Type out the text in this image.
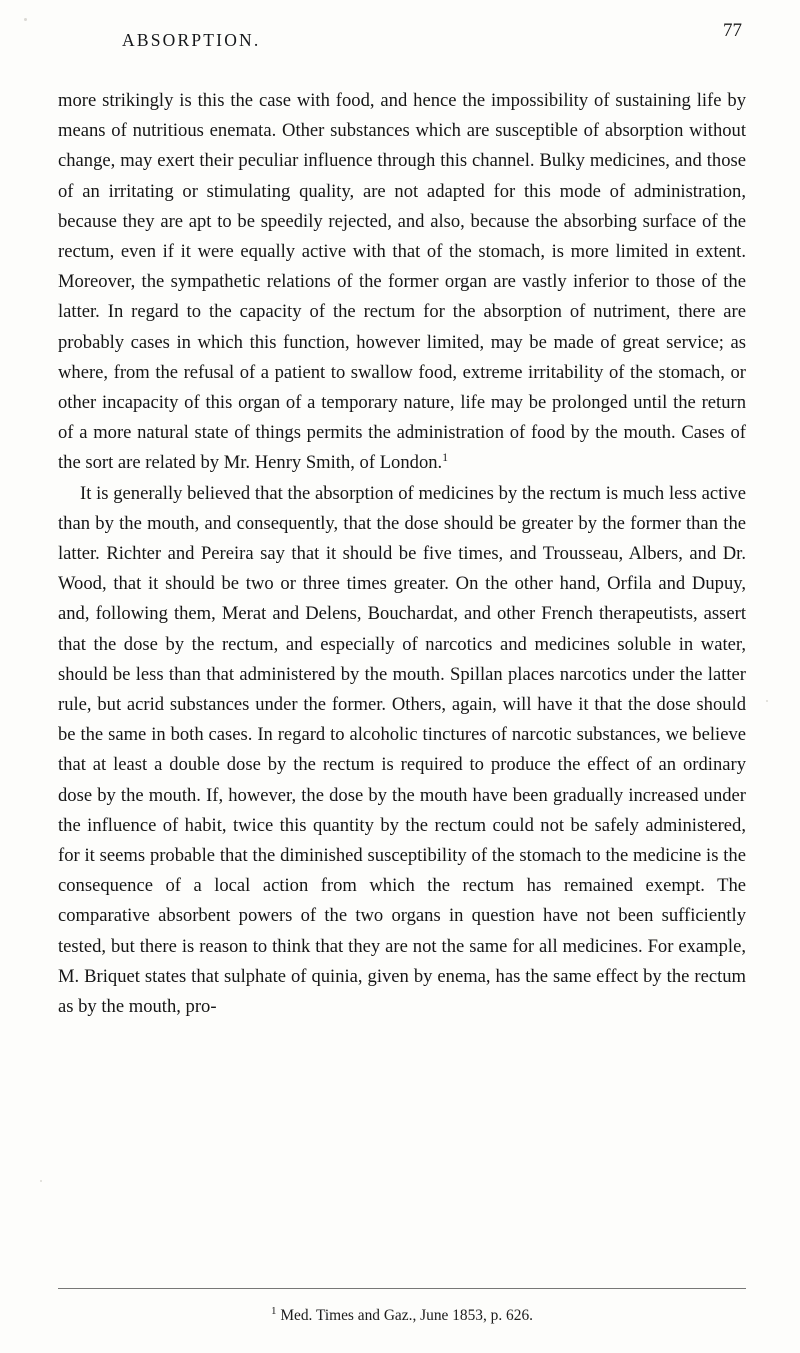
ABSORPTION.	77

more strikingly is this the case with food, and hence the impossibility of sustaining life by means of nutritious enemata. Other substances which are susceptible of absorption without change, may exert their peculiar influence through this channel. Bulky medicines, and those of an irritating or stimulating quality, are not adapted for this mode of administration, because they are apt to be speedily rejected, and also, because the absorbing surface of the rectum, even if it were equally active with that of the stomach, is more limited in extent. Moreover, the sympathetic relations of the former organ are vastly inferior to those of the latter. In regard to the capacity of the rectum for the absorption of nutriment, there are probably cases in which this function, however limited, may be made of great service; as where, from the refusal of a patient to swallow food, extreme irritability of the stomach, or other incapacity of this organ of a temporary nature, life may be prolonged until the return of a more natural state of things permits the administration of food by the mouth. Cases of the sort are related by Mr. Henry Smith, of London.$^1$

It is generally believed that the absorption of medicines by the rectum is much less active than by the mouth, and consequently, that the dose should be greater by the former than the latter. Richter and Pereira say that it should be five times, and Trousseau, Albers, and Dr. Wood, that it should be two or three times greater. On the other hand, Orfila and Dupuy, and, following them, Merat and Delens, Bouchardat, and other French therapeutists, assert that the dose by the rectum, and especially of narcotics and medicines soluble in water, should be less than that administered by the mouth. Spillan places narcotics under the latter rule, but acrid substances under the former. Others, again, will have it that the dose should be the same in both cases. In regard to alcoholic tinctures of narcotic substances, we believe that at least a double dose by the rectum is required to produce the effect of an ordinary dose by the mouth. If, however, the dose by the mouth have been gradually increased under the influence of habit, twice this quantity by the rectum could not be safely administered, for it seems probable that the diminished susceptibility of the stomach to the medicine is the consequence of a local action from which the rectum has remained exempt. The comparative absorbent powers of the two organs in question have not been sufficiently tested, but there is reason to think that they are not the same for all medicines. For example, M. Briquet states that sulphate of quinia, given by enema, has the same effect by the rectum as by the mouth, pro-

$^1$ Med. Times and Gaz., June 1853, p. 626.
